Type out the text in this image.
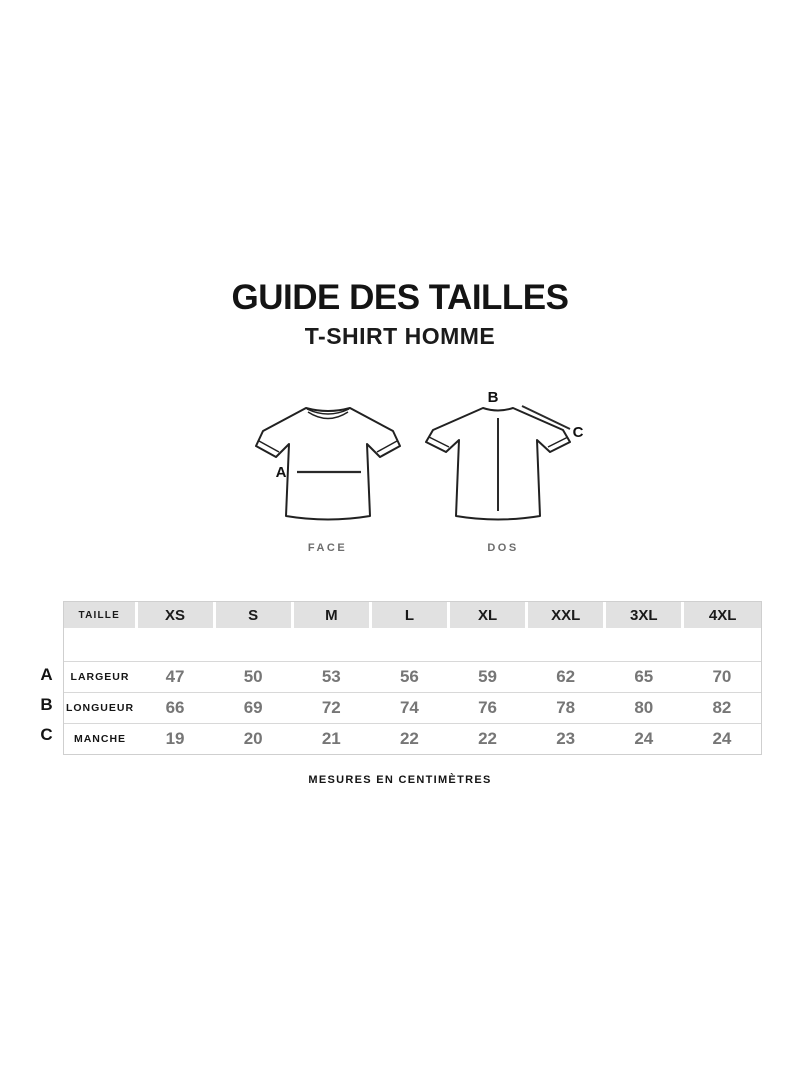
GUIDE DES TAILLES
T-SHIRT HOMME
A
FACE
B
C
DOS
A
B
C
TAILLE	XS	S	M	L	XL	XXL	3XL	4XL

LARGEUR	47	50	53	56	59	62	65	70
LONGUEUR	66	69	72	74	76	78	80	82
MANCHE	19	20	21	22	22	23	24	24
MESURES EN CENTIMÈTRES
